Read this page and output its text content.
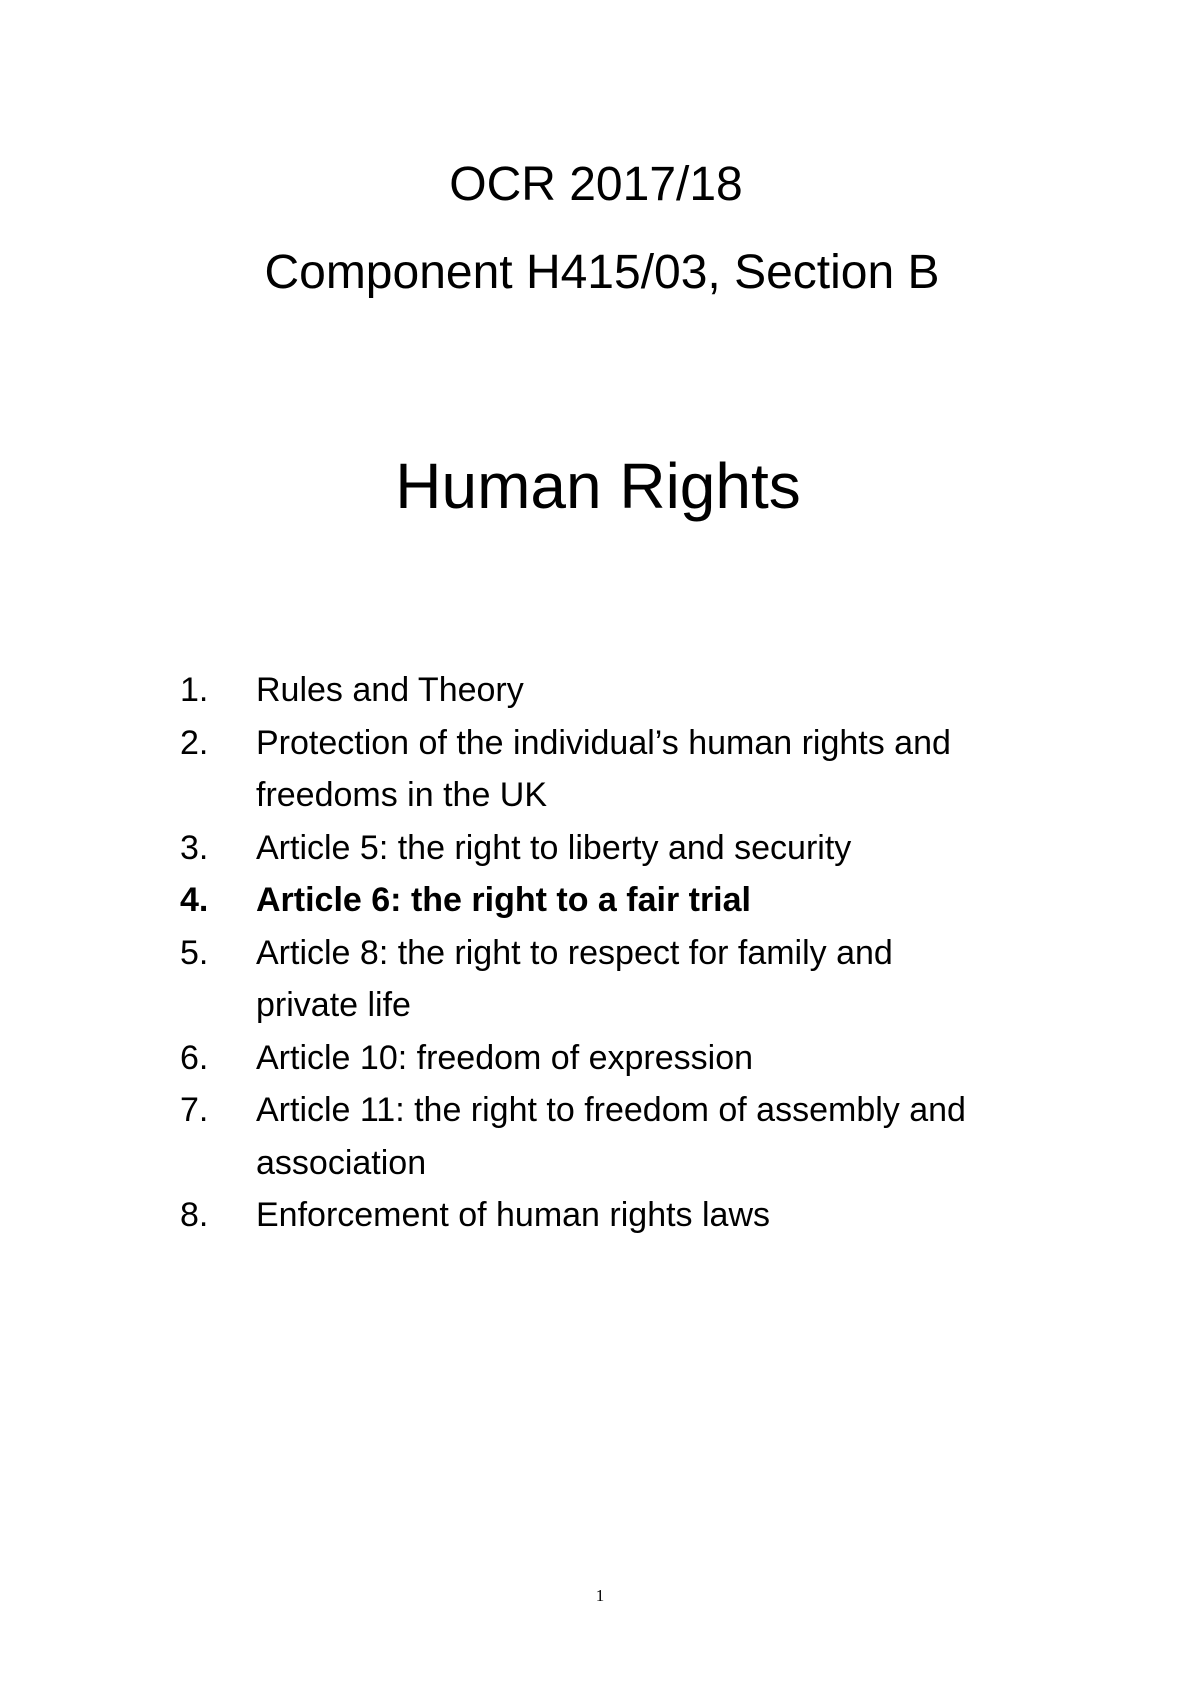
OCR 2017/18
Component H415/03, Section B
Human Rights
1. Rules and Theory
2. Protection of the individual’s human rights and
freedoms in the UK
3. Article 5: the right to liberty and security
4. Article 6: the right to a fair trial
5. Article 8: the right to respect for family and
private life
6. Article 10: freedom of expression
7. Article 11: the right to freedom of assembly and
association
8. Enforcement of human rights laws
1
